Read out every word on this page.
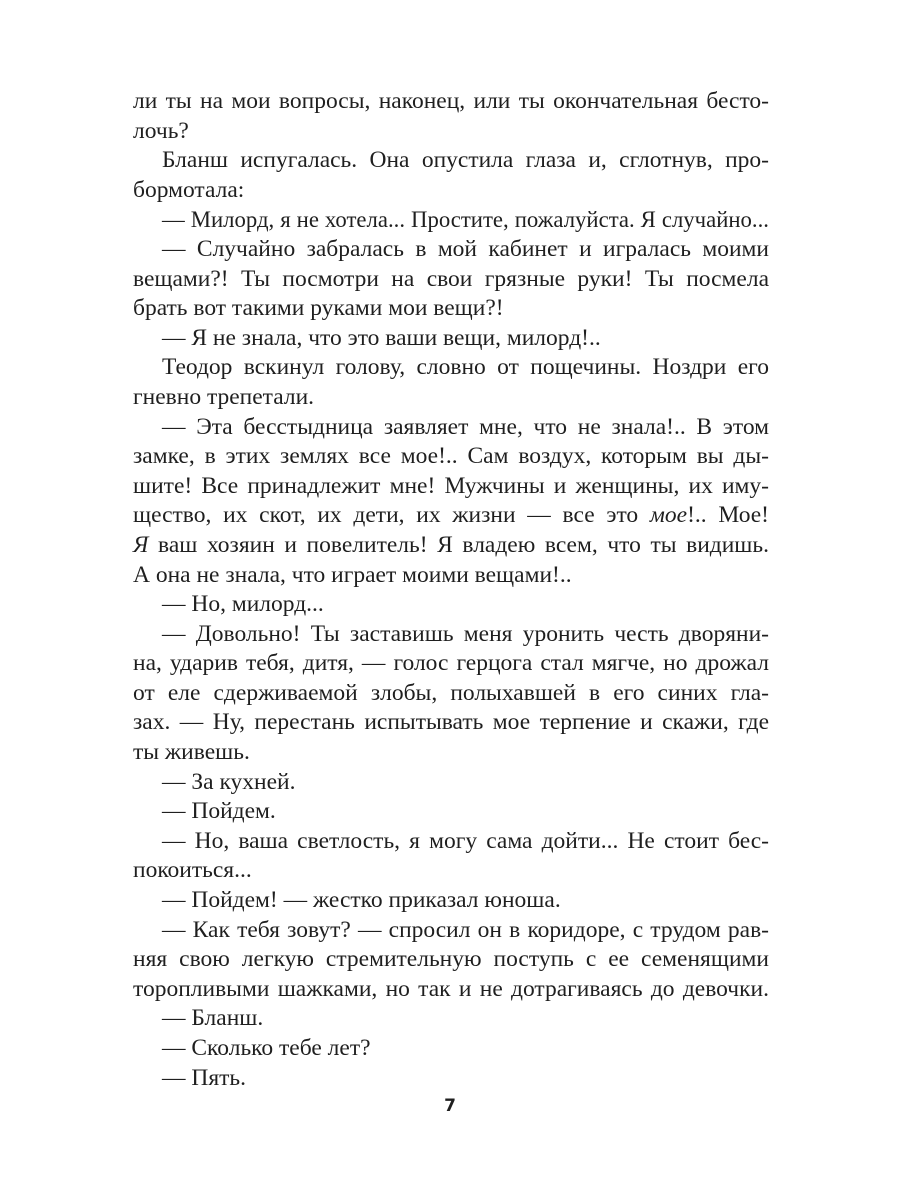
ли ты на мои вопросы, наконец, или ты окончательная бесто-
лочь?
Бланш испугалась. Она опустила глаза и, сглотнув, про-
бормотала:
— Милорд, я не хотела... Простите, пожалуйста. Я случайно...
— Случайно забралась в мой кабинет и игралась моими
вещами?! Ты посмотри на свои грязные руки! Ты посмела
брать вот такими руками мои вещи?!
— Я не знала, что это ваши вещи, милорд!..
Теодор вскинул голову, словно от пощечины. Ноздри его
гневно трепетали.
— Эта бесстыдница заявляет мне, что не знала!.. В этом
замке, в этих землях все мое!.. Сам воздух, которым вы ды-
шите! Все принадлежит мне! Мужчины и женщины, их иму-
щество, их скот, их дети, их жизни — все это мое!.. Мое!
Я ваш хозяин и повелитель! Я владею всем, что ты видишь.
А она не знала, что играет моими вещами!..
— Но, милорд...
— Довольно! Ты заставишь меня уронить честь дворяни-
на, ударив тебя, дитя, — голос герцога стал мягче, но дрожал
от еле сдерживаемой злобы, полыхавшей в его синих гла-
зах. — Ну, перестань испытывать мое терпение и скажи, где
ты живешь.
— За кухней.
— Пойдем.
— Но, ваша светлость, я могу сама дойти... Не стоит бес-
покоиться...
— Пойдем! — жестко приказал юноша.
— Как тебя зовут? — спросил он в коридоре, с трудом рав-
няя свою легкую стремительную поступь с ее семенящими
торопливыми шажками, но так и не дотрагиваясь до девочки.
— Бланш.
— Сколько тебе лет?
— Пять.
7
